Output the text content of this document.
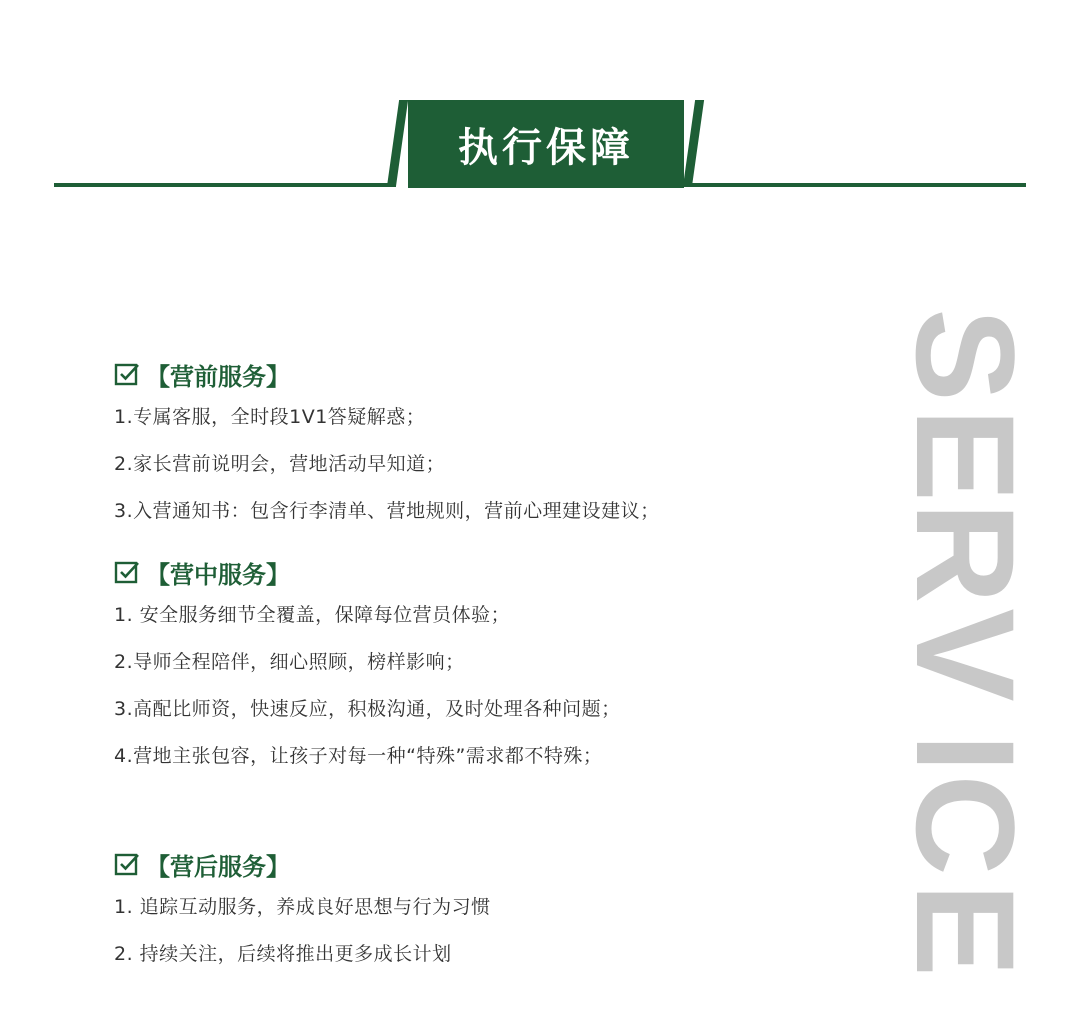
执行保障
S
E
R
V
I
C
E
【营前服务】
1.专属客服，全时段1V1答疑解惑；
2.家长营前说明会，营地活动早知道；
3.入营通知书：包含行李清单、营地规则，营前心理建设建议；
【营中服务】
1. 安全服务细节全覆盖，保障每位营员体验；
2.导师全程陪伴，细心照顾，榜样影响；
3.高配比师资，快速反应，积极沟通，及时处理各种问题；
4.营地主张包容，让孩子对每一种“特殊”需求都不特殊；
【营后服务】
1. 追踪互动服务，养成良好思想与行为习惯
2. 持续关注，后续将推出更多成长计划
